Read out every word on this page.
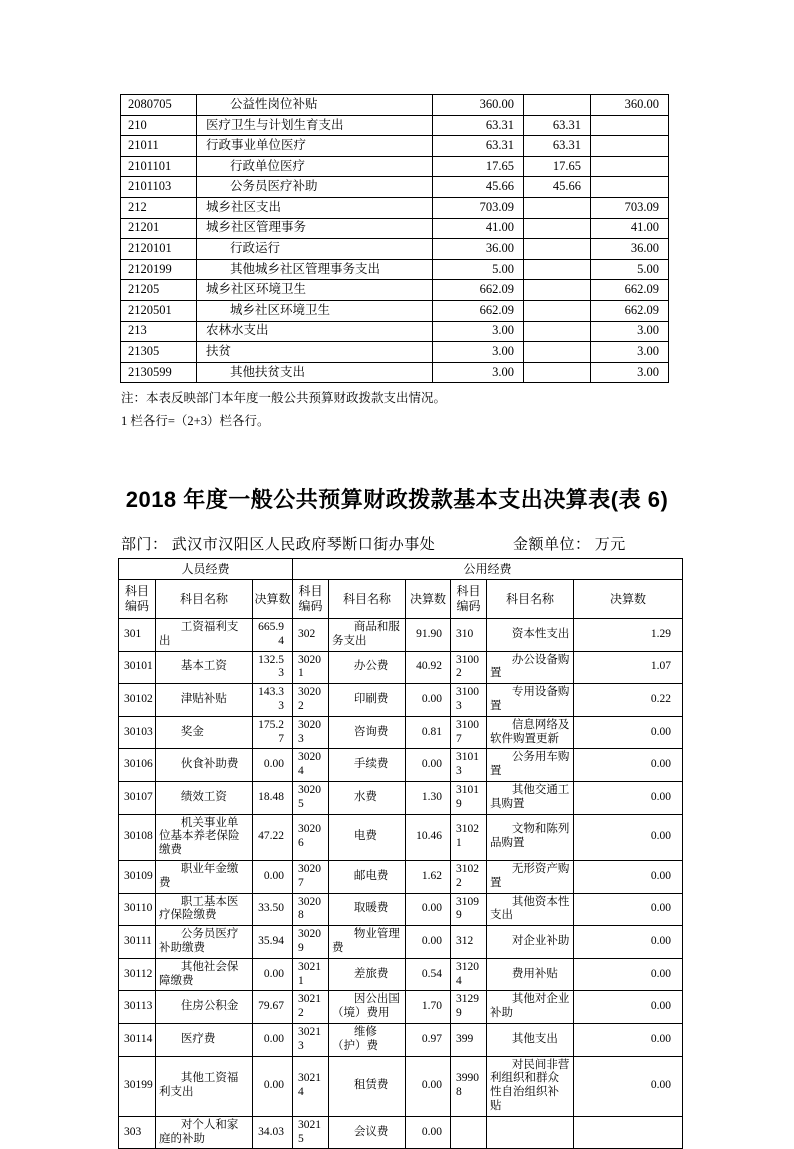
2080705	公益性岗位补贴	360.00		360.00
210	医疗卫生与计划生育支出	63.31	63.31	
21011	行政事业单位医疗	63.31	63.31	
2101101	行政单位医疗	17.65	17.65	
2101103	公务员医疗补助	45.66	45.66	
212	城乡社区支出	703.09		703.09
21201	城乡社区管理事务	41.00		41.00
2120101	行政运行	36.00		36.00
2120199	其他城乡社区管理事务支出	5.00		5.00
21205	城乡社区环境卫生	662.09		662.09
2120501	城乡社区环境卫生	662.09		662.09
213	农林水支出	3.00		3.00
21305	扶贫	3.00		3.00
2130599	其他扶贫支出	3.00		3.00
注：本表反映部门本年度一般公共预算财政拨款支出情况。
1 栏各行=（2+3）栏各行。
2018 年度一般公共预算财政拨款基本支出决算表(表 6)
部门： 武汉市汉阳区人民政府琴断口街办事处	金额单位： 万元
人员经费			公用经费					
科目编码	科目名称	决算数	科目编码	科目名称	决算数	科目编码	科目名称	决算数
301	工资福利支出	665.94	302	商品和服务支出	91.90	310	资本性支出	1.29
30101	基本工资	132.53	30201	办公费	40.92	31002	办公设备购置	1.07
30102	津贴补贴	143.33	30202	印刷费	0.00	31003	专用设备购置	0.22
30103	奖金	175.27	30203	咨询费	0.81	31007	信息网络及软件购置更新	0.00
30106	伙食补助费	0.00	30204	手续费	0.00	31013	公务用车购置	0.00
30107	绩效工资	18.48	30205	水费	1.30	31019	其他交通工具购置	0.00
30108	机关事业单位基本养老保险缴费	47.22	30206	电费	10.46	31021	文物和陈列品购置	0.00
30109	职业年金缴费	0.00	30207	邮电费	1.62	31022	无形资产购置	0.00
30110	职工基本医疗保险缴费	33.50	30208	取暖费	0.00	31099	其他资本性支出	0.00
30111	公务员医疗补助缴费	35.94	30209	物业管理费	0.00	312	对企业补助	0.00
30112	其他社会保障缴费	0.00	30211	差旅费	0.54	31204	费用补贴	0.00
30113	住房公积金	79.67	30212	因公出国（境）费用	1.70	31299	其他对企业补助	0.00
30114	医疗费	0.00	30213	维修（护）费	0.97	399	其他支出	0.00
30199	其他工资福利支出	0.00	30214	租赁费	0.00	39908	对民间非营利组织和群众性自治组织补贴	0.00
303	对个人和家庭的补助	34.03	30215	会议费	0.00			
